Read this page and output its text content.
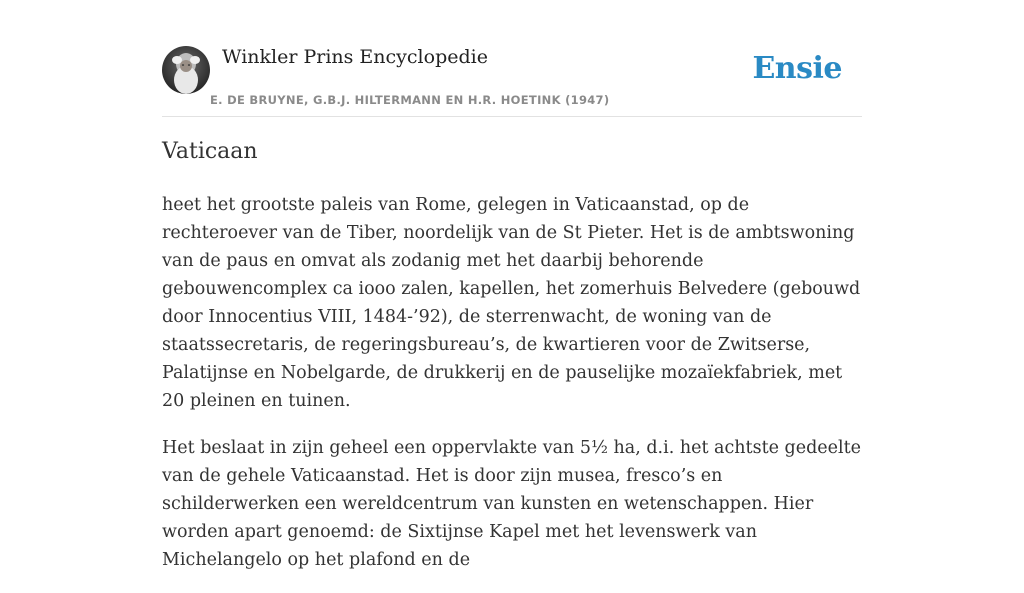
Winkler Prins Encyclopedie
E. DE BRUYNE, G.B.J. HILTERMANN EN H.R. HOETINK (1947)
Ensie
Vaticaan

heet het grootste paleis van Rome, gelegen in Vaticaanstad, op de rechteroever van de Tiber, noordelijk van de St Pieter. Het is de ambtswoning van de paus en omvat als zodanig met het daarbij behorende gebouwencomplex ca iooo zalen, kapellen, het zomerhuis Belvedere (gebouwd door Innocentius VIII, 1484-’92), de sterrenwacht, de woning van de staatssecretaris, de regeringsbureau’s, de kwartieren voor de Zwitserse, Palatijnse en Nobelgarde, de drukkerij en de pauselijke mozaïekfabriek, met 20 pleinen en tuinen.

Het beslaat in zijn geheel een oppervlakte van 5½ ha, d.i. het achtste gedeelte van de gehele Vaticaanstad. Het is door zijn musea, fresco’s en schilderwerken een wereldcentrum van kunsten en wetenschappen. Hier worden apart genoemd: de Sixtijnse Kapel met het levenswerk van Michelangelo op het plafond en de
